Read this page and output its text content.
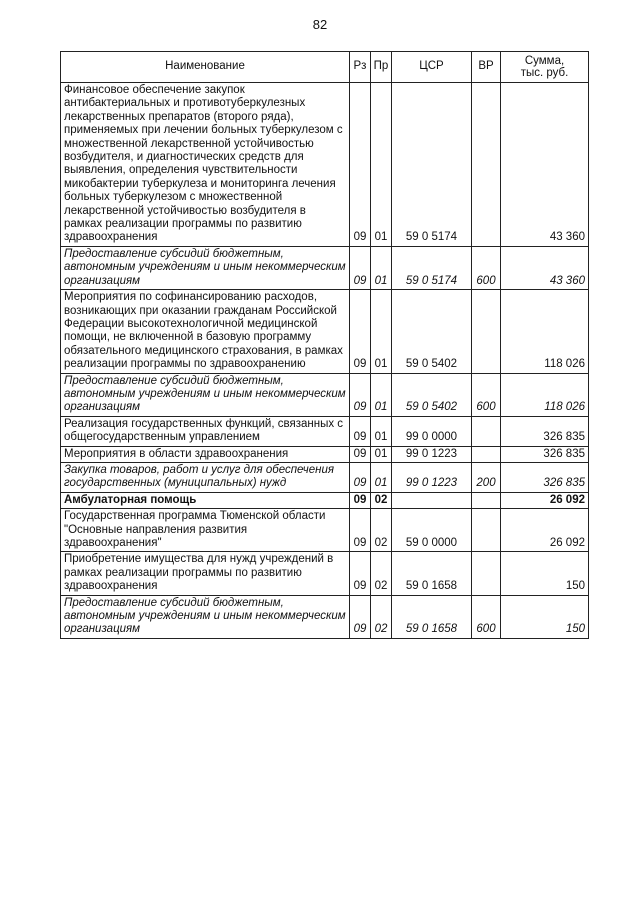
82
Наименование	Рз	Пр	ЦСР	ВР	Сумма,
тыс. руб.
Финансовое обеспечение закупок антибактериальных и противотуберкулезных лекарственных препаратов (второго ряда), применяемых при лечении больных туберкулезом с множественной лекарственной устойчивостью возбудителя, и диагностических средств для выявления, определения чувствительности микобактерии туберкулеза и мониторинга лечения больных туберкулезом с множественной лекарственной устойчивостью возбудителя в рамках реализации программы по развитию здравоохранения	09	01	59 0 5174		43 360
Предоставление субсидий бюджетным, автономным учреждениям и иным некоммерческим организациям	09	01	59 0 5174	600	43 360
Мероприятия по софинансированию расходов, возникающих при оказании гражданам Российской Федерации высокотехнологичной медицинской помощи, не включенной в базовую программу обязательного медицинского страхования, в рамках реализации программы по здравоохранению	09	01	59 0 5402		118 026
Предоставление субсидий бюджетным, автономным учреждениям и иным некоммерческим организациям	09	01	59 0 5402	600	118 026
Реализация государственных функций, связанных с общегосударственным управлением	09	01	99 0 0000		326 835
Мероприятия в области здравоохранения	09	01	99 0 1223		326 835
Закупка товаров, работ и услуг для обеспечения государственных (муниципальных) нужд	09	01	99 0 1223	200	326 835
Амбулаторная помощь	09	02			26 092
Государственная программа Тюменской области "Основные направления развития здравоохранения"	09	02	59 0 0000		26 092
Приобретение имущества для нужд учреждений в рамках реализации программы по развитию здравоохранения	09	02	59 0 1658		150
Предоставление субсидий бюджетным, автономным учреждениям и иным некоммерческим организациям	09	02	59 0 1658	600	150
